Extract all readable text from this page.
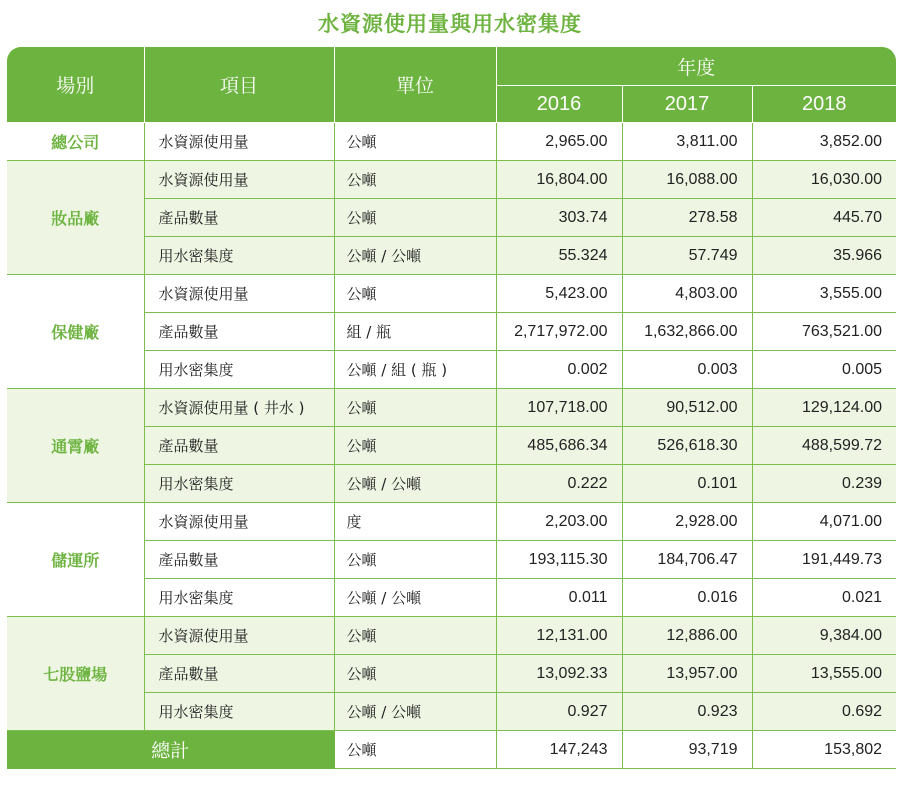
水資源使用量與用水密集度
場別	項目	單位	年度		
			2016	2017	2018
總公司	水資源使用量	公噸	2,965.00	3,811.00	3,852.00
妝品廠	水資源使用量	公噸	16,804.00	16,088.00	16,030.00
	產品數量	公噸	303.74	278.58	445.70
	用水密集度	公噸 / 公噸	55.324	57.749	35.966
保健廠	水資源使用量	公噸	5,423.00	4,803.00	3,555.00
	產品數量	組 / 瓶	2,717,972.00	1,632,866.00	763,521.00
	用水密集度	公噸 / 組 ( 瓶 )	0.002	0.003	0.005
通霄廠	水資源使用量 ( 井水 )	公噸	107,718.00	90,512.00	129,124.00
	產品數量	公噸	485,686.34	526,618.30	488,599.72
	用水密集度	公噸 / 公噸	0.222	0.101	0.239
儲運所	水資源使用量	度	2,203.00	2,928.00	4,071.00
	產品數量	公噸	193,115.30	184,706.47	191,449.73
	用水密集度	公噸 / 公噸	0.011	0.016	0.021
七股鹽場	水資源使用量	公噸	12,131.00	12,886.00	9,384.00
	產品數量	公噸	13,092.33	13,957.00	13,555.00
	用水密集度	公噸 / 公噸	0.927	0.923	0.692
總計		公噸	147,243	93,719	153,802
